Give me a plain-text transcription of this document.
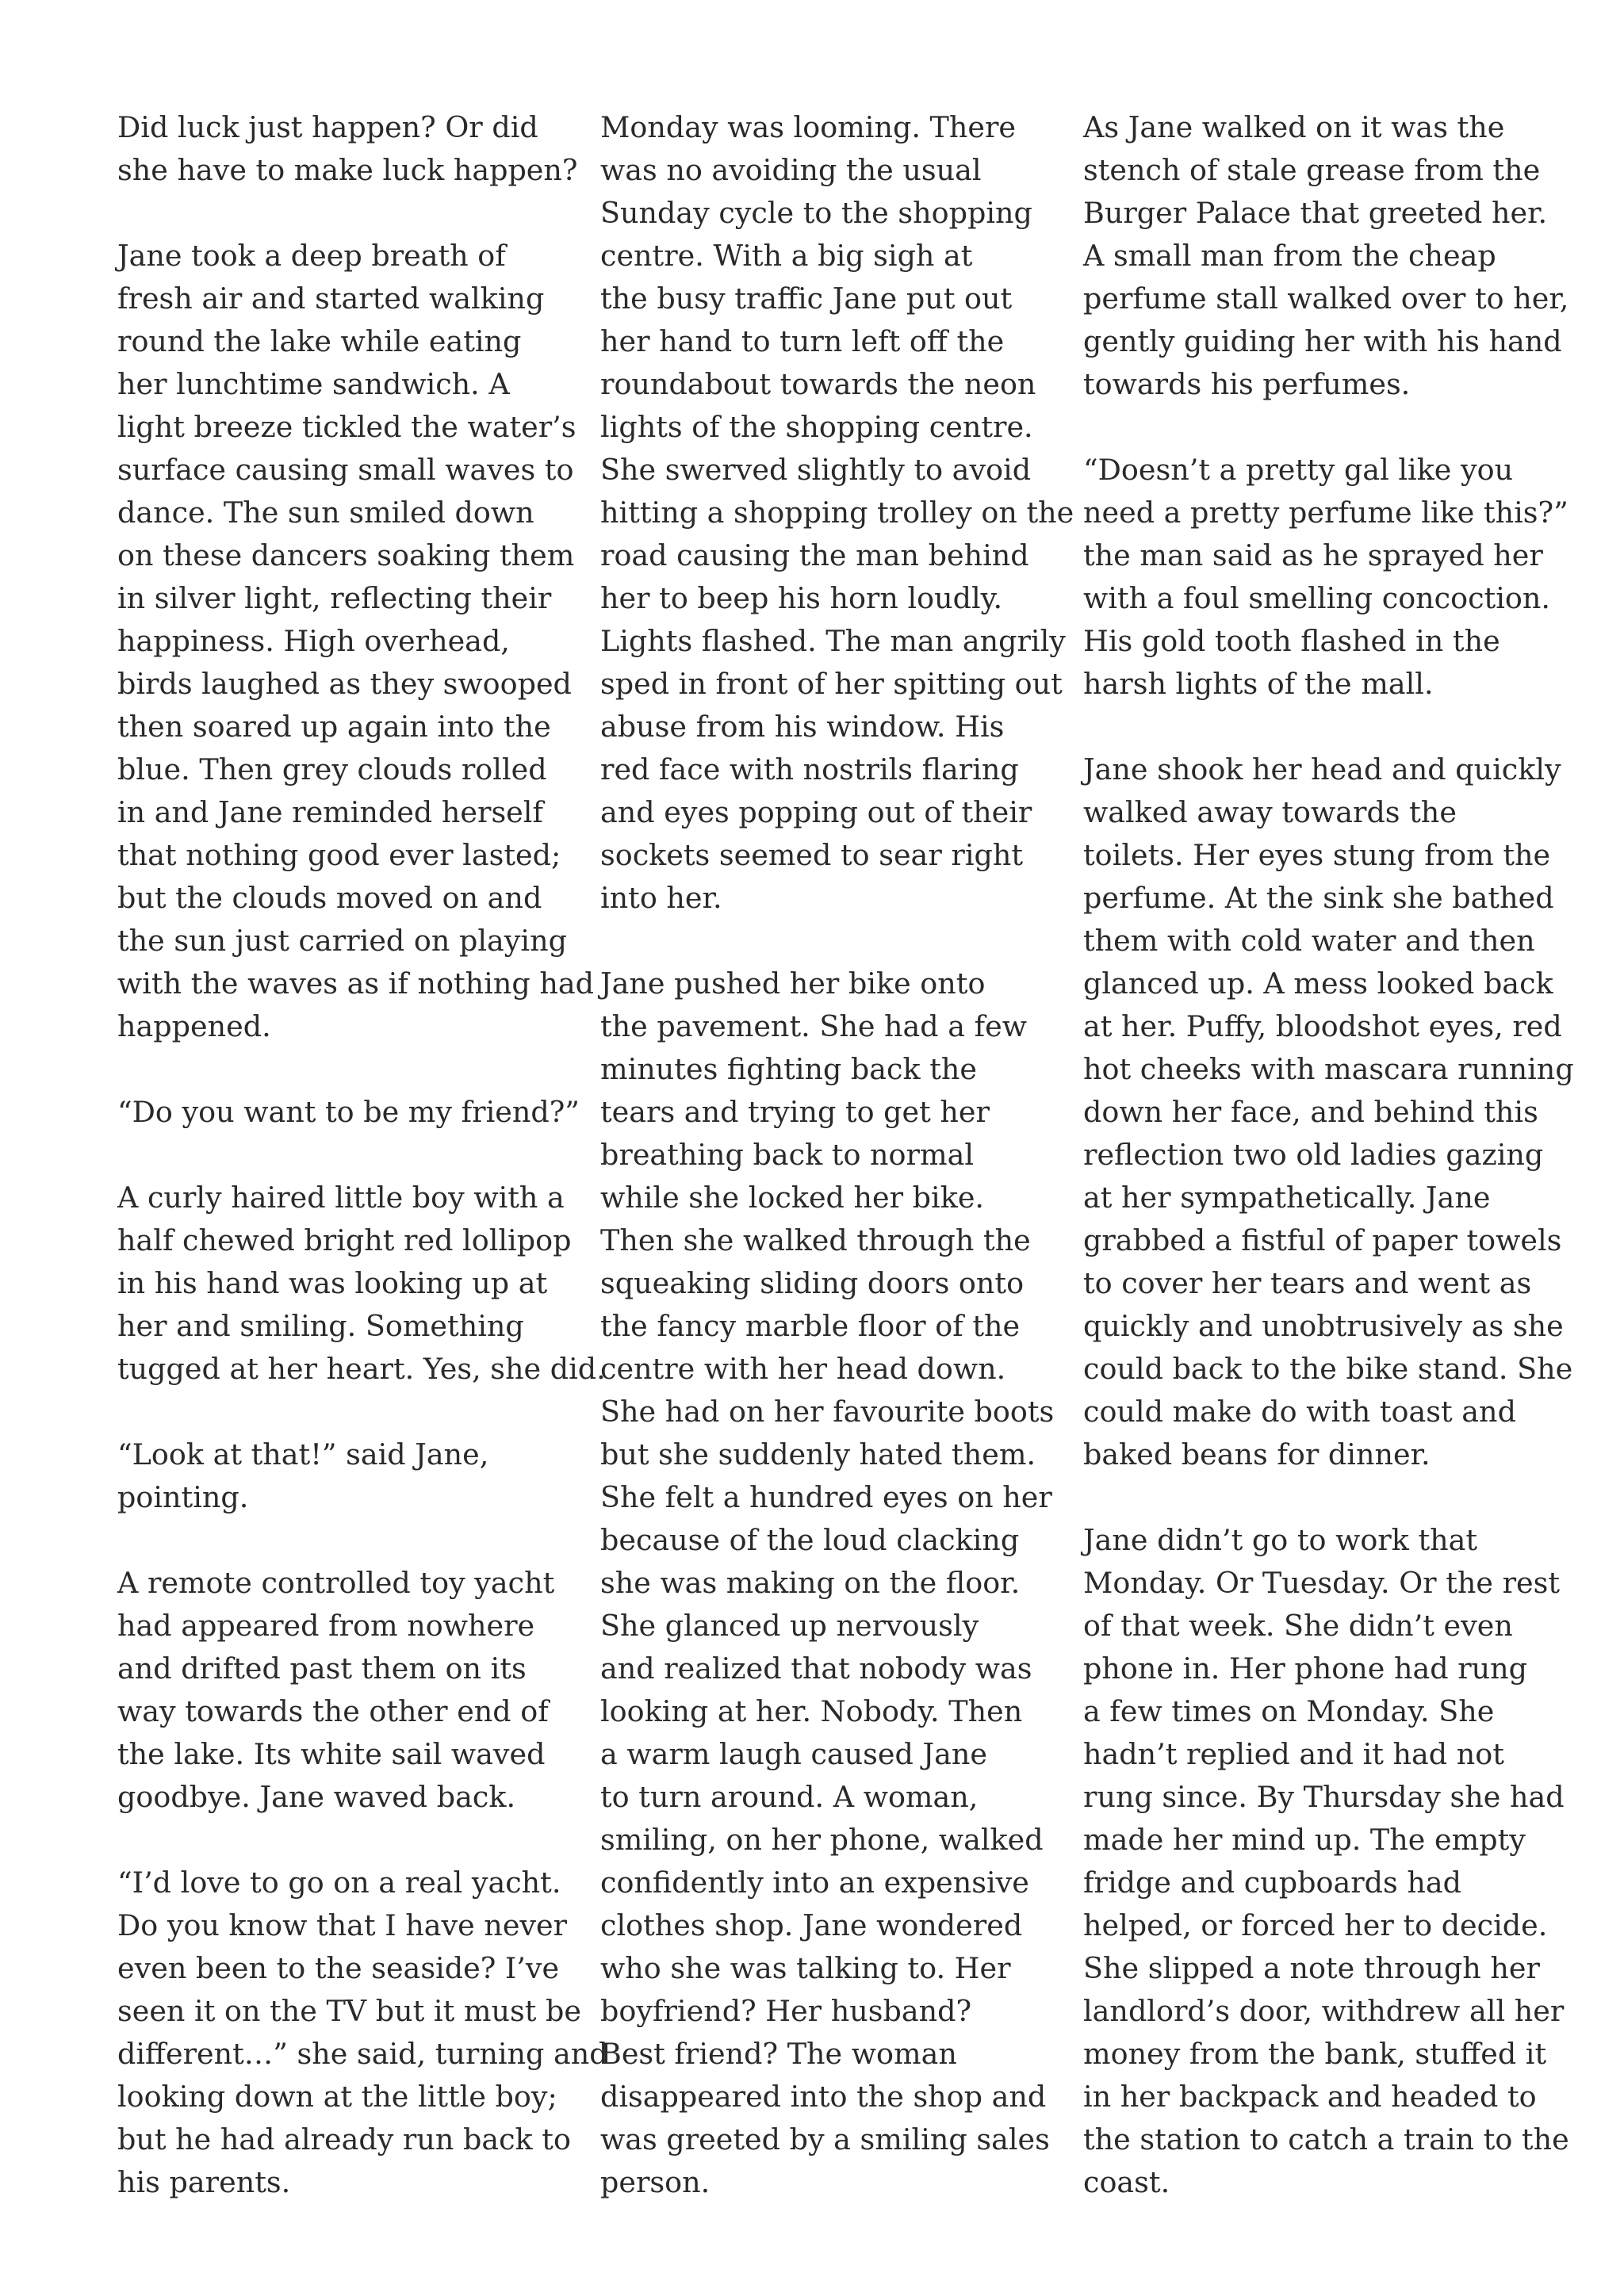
Did luck just happen? Or did
she have to make luck happen?
Jane took a deep breath of
fresh air and started walking
round the lake while eating
her lunchtime sandwich. A
light breeze tickled the water’s
surface causing small waves to
dance. The sun smiled down
on these dancers soaking them
in silver light, reflecting their
happiness. High overhead,
birds laughed as they swooped
then soared up again into the
blue. Then grey clouds rolled
in and Jane reminded herself
that nothing good ever lasted;
but the clouds moved on and
the sun just carried on playing
with the waves as if nothing had
happened.
“Do you want to be my friend?”
A curly haired little boy with a
half chewed bright red lollipop
in his hand was looking up at
her and smiling. Something
tugged at her heart. Yes, she did.
“Look at that!” said Jane,
pointing.
A remote controlled toy yacht
had appeared from nowhere
and drifted past them on its
way towards the other end of
the lake. Its white sail waved
goodbye. Jane waved back.
“I’d love to go on a real yacht.
Do you know that I have never
even been to the seaside? I’ve
seen it on the TV but it must be
different…” she said, turning and
looking down at the little boy;
but he had already run back to
his parents.
Monday was looming. There
was no avoiding the usual
Sunday cycle to the shopping
centre. With a big sigh at
the busy traffic Jane put out
her hand to turn left off the
roundabout towards the neon
lights of the shopping centre.
She swerved slightly to avoid
hitting a shopping trolley on the
road causing the man behind
her to beep his horn loudly.
Lights flashed. The man angrily
sped in front of her spitting out
abuse from his window. His
red face with nostrils flaring
and eyes popping out of their
sockets seemed to sear right
into her.
Jane pushed her bike onto
the pavement. She had a few
minutes fighting back the
tears and trying to get her
breathing back to normal
while she locked her bike.
Then she walked through the
squeaking sliding doors onto
the fancy marble floor of the
centre with her head down.
She had on her favourite boots
but she suddenly hated them.
She felt a hundred eyes on her
because of the loud clacking
she was making on the floor.
She glanced up nervously
and realized that nobody was
looking at her. Nobody. Then
a warm laugh caused Jane
to turn around. A woman,
smiling, on her phone, walked
confidently into an expensive
clothes shop. Jane wondered
who she was talking to. Her
boyfriend? Her husband?
Best friend? The woman
disappeared into the shop and
was greeted by a smiling sales
person.
As Jane walked on it was the
stench of stale grease from the
Burger Palace that greeted her.
A small man from the cheap
perfume stall walked over to her,
gently guiding her with his hand
towards his perfumes.
“Doesn’t a pretty gal like you
need a pretty perfume like this?”
the man said as he sprayed her
with a foul smelling concoction.
His gold tooth flashed in the
harsh lights of the mall.
Jane shook her head and quickly
walked away towards the
toilets. Her eyes stung from the
perfume. At the sink she bathed
them with cold water and then
glanced up. A mess looked back
at her. Puffy, bloodshot eyes, red
hot cheeks with mascara running
down her face, and behind this
reflection two old ladies gazing
at her sympathetically. Jane
grabbed a fistful of paper towels
to cover her tears and went as
quickly and unobtrusively as she
could back to the bike stand. She
could make do with toast and
baked beans for dinner.
Jane didn’t go to work that
Monday. Or Tuesday. Or the rest
of that week. She didn’t even
phone in. Her phone had rung
a few times on Monday. She
hadn’t replied and it had not
rung since. By Thursday she had
made her mind up. The empty
fridge and cupboards had
helped, or forced her to decide.
She slipped a note through her
landlord’s door, withdrew all her
money from the bank, stuffed it
in her backpack and headed to
the station to catch a train to the
coast.
